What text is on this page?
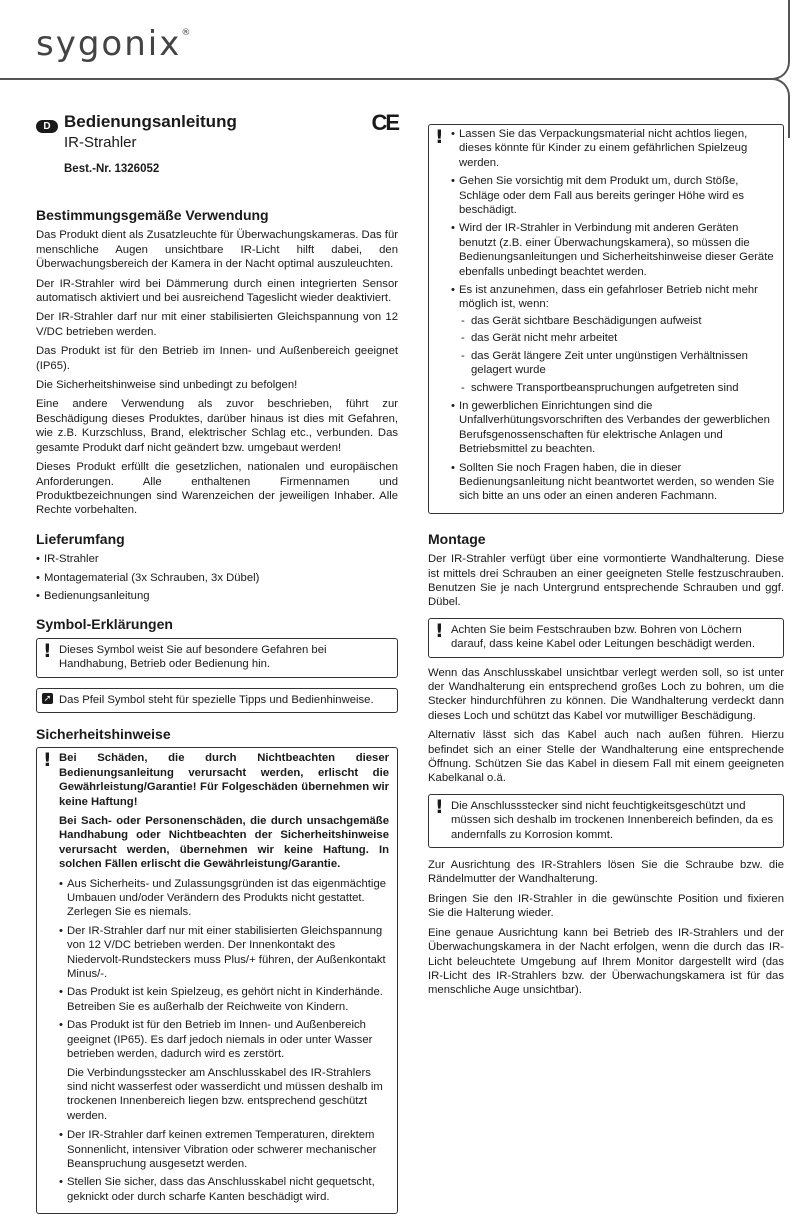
sygonix®
D Bedienungsanleitung
IR-Strahler
Best.-Nr. 1326052
CE
Bestimmungsgemäße Verwendung

Das Produkt dient als Zusatzleuchte für Überwachungskameras. Das für menschliche Augen unsichtbare IR-Licht hilft dabei, den Überwachungsbereich der Kamera in der Nacht optimal auszuleuchten.

Der IR-Strahler wird bei Dämmerung durch einen integrierten Sensor automatisch aktiviert und bei ausreichend Tageslicht wieder deaktiviert.

Der IR-Strahler darf nur mit einer stabilisierten Gleichspannung von 12 V/DC betrieben werden.

Das Produkt ist für den Betrieb im Innen- und Außenbereich geeignet (IP65).

Die Sicherheitshinweise sind unbedingt zu befolgen!

Eine andere Verwendung als zuvor beschrieben, führt zur Beschädigung dieses Produktes, darüber hinaus ist dies mit Gefahren, wie z.B. Kurzschluss, Brand, elektrischer Schlag etc., verbunden. Das gesamte Produkt darf nicht geändert bzw. umgebaut werden!

Dieses Produkt erfüllt die gesetzlichen, nationalen und europäischen Anforderungen. Alle enthaltenen Firmennamen und Produktbezeichnungen sind Warenzeichen der jeweiligen Inhaber. Alle Rechte vorbehalten.

Lieferumfang
• IR-Strahler
• Montagematerial (3x Schrauben, 3x Dübel)
• Bedienungsanleitung
Symbol-Erklärungen
! Dieses Symbol weist Sie auf besondere Gefahren bei Handhabung, Betrieb oder Bedienung hin.
➚ Das Pfeil Symbol steht für spezielle Tipps und Bedienhinweise.
Sicherheitshinweise
! Bei Schäden, die durch Nichtbeachten dieser Bedienungsanleitung verursacht werden, erlischt die Gewährleistung/Garantie! Für Folgeschäden übernehmen wir keine Haftung!

Bei Sach- oder Personenschäden, die durch unsachgemäße Handhabung oder Nichtbeachten der Sicherheitshinweise verursacht werden, übernehmen wir keine Haftung. In solchen Fällen erlischt die Gewährleistung/Garantie.

• Aus Sicherheits- und Zulassungsgründen ist das eigenmächtige Umbauen und/oder Verändern des Produkts nicht gestattet. Zerlegen Sie es niemals.
• Der IR-Strahler darf nur mit einer stabilisierten Gleichspannung von 12 V/DC betrieben werden. Der Innenkontakt des Niedervolt-Rundsteckers muss Plus/+ führen, der Außenkontakt Minus/-.
• Das Produkt ist kein Spielzeug, es gehört nicht in Kinderhände. Betreiben Sie es außerhalb der Reichweite von Kindern.
• Das Produkt ist für den Betrieb im Innen- und Außenbereich geeignet (IP65). Es darf jedoch niemals in oder unter Wasser betrieben werden, dadurch wird es zerstört.

Die Verbindungsstecker am Anschlusskabel des IR-Strahlers sind nicht wasserfest oder wasserdicht und müssen deshalb im trockenen Innenbereich liegen bzw. entsprechend geschützt werden.

• Der IR-Strahler darf keinen extremen Temperaturen, direktem Sonnenlicht, intensiver Vibration oder schwerer mechanischer Beanspruchung ausgesetzt werden.
• Stellen Sie sicher, dass das Anschlusskabel nicht gequetscht, geknickt oder durch scharfe Kanten beschädigt wird.
!
•	Lassen Sie das Verpackungsmaterial nicht achtlos liegen, dieses könnte für Kinder zu einem gefährlichen Spielzeug werden.
• Gehen Sie vorsichtig mit dem Produkt um, durch Stöße, Schläge oder dem Fall aus bereits geringer Höhe wird es beschädigt.
• Wird der IR-Strahler in Verbindung mit anderen Geräten benutzt (z.B. einer Überwachungskamera), so müssen die Bedienungsanleitungen und Sicherheitshinweise dieser Geräte ebenfalls unbedingt beachtet werden.
• Es ist anzunehmen, dass ein gefahrloser Betrieb nicht mehr möglich ist, wenn:
- das Gerät sichtbare Beschädigungen aufweist
- das Gerät nicht mehr arbeitet
- das Gerät längere Zeit unter ungünstigen Verhältnissen gelagert wurde
- schwere Transportbeanspruchungen aufgetreten sind
• In gewerblichen Einrichtungen sind die Unfallverhütungsvorschriften des Verbandes der gewerblichen Berufsgenossenschaften für elektrische Anlagen und Betriebsmittel zu beachten.
• Sollten Sie noch Fragen haben, die in dieser Bedienungsanleitung nicht beantwortet werden, so wenden Sie sich bitte an uns oder an einen anderen Fachmann.
Montage

Der IR-Strahler verfügt über eine vormontierte Wandhalterung. Diese ist mittels drei Schrauben an einer geeigneten Stelle festzuschrauben. Benutzen Sie je nach Untergrund entsprechende Schrauben und ggf. Dübel.

! Achten Sie beim Festschrauben bzw. Bohren von Löchern darauf, dass keine Kabel oder Leitungen beschädigt werden.

Wenn das Anschlusskabel unsichtbar verlegt werden soll, so ist unter der Wandhalterung ein entsprechend großes Loch zu bohren, um die Stecker hindurchführen zu können. Die Wandhalterung verdeckt dann dieses Loch und schützt das Kabel vor mutwilliger Beschädigung.

Alternativ lässt sich das Kabel auch nach außen führen. Hierzu befindet sich an einer Stelle der Wandhalterung eine entsprechende Öffnung. Schützen Sie das Kabel in diesem Fall mit einem geeigneten Kabelkanal o.ä.

! Die Anschlussstecker sind nicht feuchtigkeitsgeschützt und müssen sich deshalb im trockenen Innenbereich befinden, da es andernfalls zu Korrosion kommt.

Zur Ausrichtung des IR-Strahlers lösen Sie die Schraube bzw. die Rändelmutter der Wandhalterung.

Bringen Sie den IR-Strahler in die gewünschte Position und fixieren Sie die Halterung wieder.

Eine genaue Ausrichtung kann bei Betrieb des IR-Strahlers und der Überwachungskamera in der Nacht erfolgen, wenn die durch das IR-Licht beleuchtete Umgebung auf Ihrem Monitor dargestellt wird (das IR-Licht des IR-Strahlers bzw. der Überwachungskamera ist für das menschliche Auge unsichtbar).
